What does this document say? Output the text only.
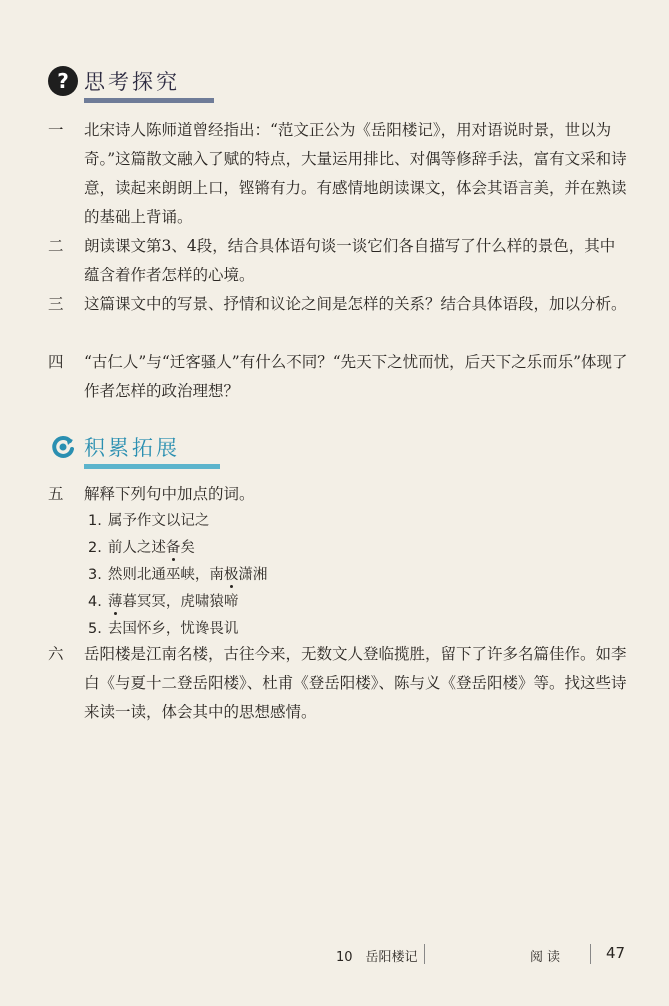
? 思考探究
一	北宋诗人陈师道曾经指出：“范文正公为《岳阳楼记》，用对语说时景，世以为奇。”这篇散文融入了赋的特点，大量运用排比、对偶等修辞手法，富有文采和诗意，读起来朗朗上口，铿锵有力。有感情地朗读课文，体会其语言美，并在熟读的基础上背诵。
二	朗读课文第3、4段，结合具体语句谈一谈它们各自描写了什么样的景色，其中蕴含着作者怎样的心境。
三	这篇课文中的写景、抒情和议论之间是怎样的关系？结合具体语段，加以分析。
四	“古仁人”与“迁客骚人”有什么不同？“先天下之忧而忧，后天下之乐而乐”体现了作者怎样的政治理想？
积累拓展
五	解释下列句中加点的词。
1. 属予作文以记之
2. 前人之述备矣
3. 然则北通巫峡，南极潇湘
4. 薄暮冥冥，虎啸猿啼
5. 去国怀乡，忧谗畏讥
六	岳阳楼是江南名楼，古往今来，无数文人登临揽胜，留下了许多名篇佳作。如李白《与夏十二登岳阳楼》、杜甫《登岳阳楼》、陈与义《登岳阳楼》等。找这些诗来读一读，体会其中的思想感情。
10　岳阳楼记	阅读	47
